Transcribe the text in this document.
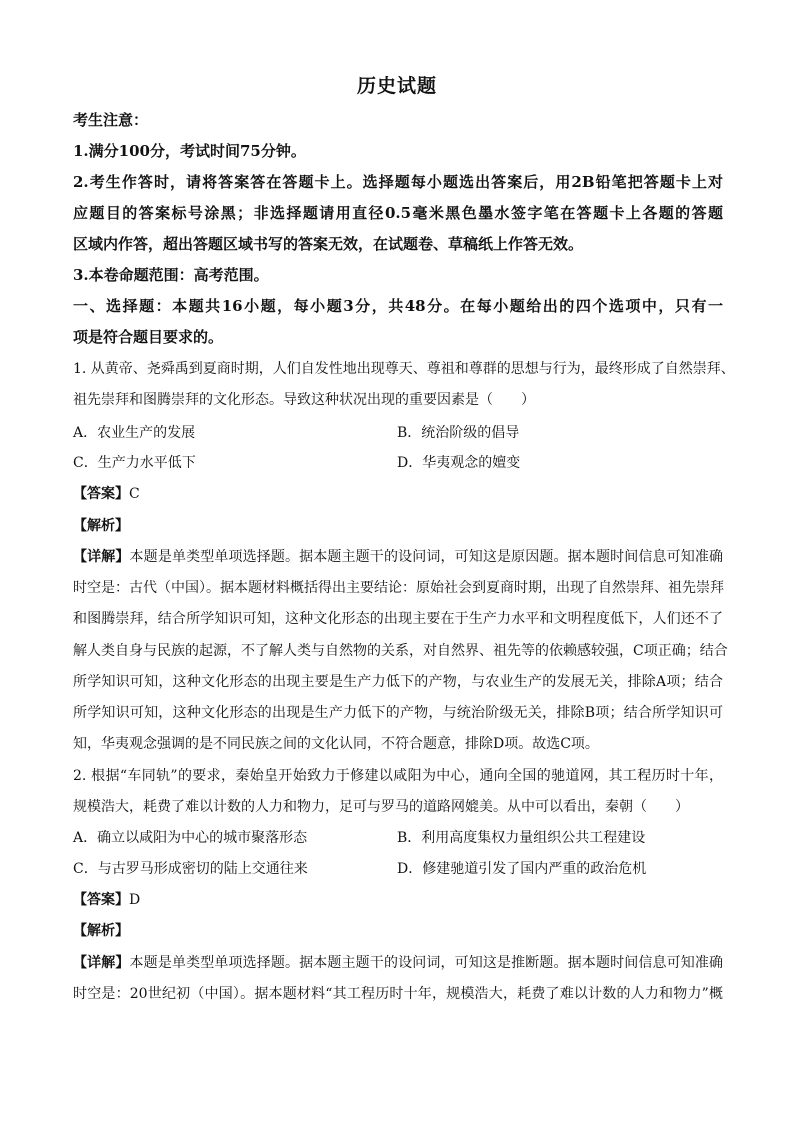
历史试题
考生注意：
1.满分100分，考试时间75分钟。
2.考生作答时，请将答案答在答题卡上。选择题每小题选出答案后，用2B铅笔把答题卡上对
应题目的答案标号涂黑；非选择题请用直径0.5毫米黑色墨水签字笔在答题卡上各题的答题
区域内作答，超出答题区域书写的答案无效，在试题卷、草稿纸上作答无效。
3.本卷命题范围：高考范围。
一、选择题：本题共16小题，每小题3分，共48分。在每小题给出的四个选项中，只有一
项是符合题目要求的。
1. 从黄帝、尧舜禹到夏商时期，人们自发性地出现尊天、尊祖和尊群的思想与行为，最终形成了自然崇拜、
祖先崇拜和图腾崇拜的文化形态。导致这种状况出现的重要因素是（　　）
A．农业生产的发展	B．统治阶级的倡导
C．生产力水平低下	D．华夷观念的嬗变
【答案】C
【解析】
【详解】本题是单类型单项选择题。据本题主题干的设问词，可知这是原因题。据本题时间信息可知准确
时空是：古代（中国）。据本题材料概括得出主要结论：原始社会到夏商时期，出现了自然崇拜、祖先崇拜
和图腾崇拜，结合所学知识可知，这种文化形态的出现主要在于生产力水平和文明程度低下，人们还不了
解人类自身与民族的起源，不了解人类与自然物的关系，对自然界、祖先等的依赖感较强，C项正确；结合
所学知识可知，这种文化形态的出现主要是生产力低下的产物，与农业生产的发展无关，排除A项；结合
所学知识可知，这种文化形态的出现是生产力低下的产物，与统治阶级无关，排除B项；结合所学知识可
知，华夷观念强调的是不同民族之间的文化认同，不符合题意，排除D项。故选C项。
2. 根据“车同轨”的要求，秦始皇开始致力于修建以咸阳为中心，通向全国的驰道网，其工程历时十年，
规模浩大，耗费了难以计数的人力和物力，足可与罗马的道路网媲美。从中可以看出，秦朝（　　）
A．确立以咸阳为中心的城市聚落形态	B．利用高度集权力量组织公共工程建设
C．与古罗马形成密切的陆上交通往来	D．修建驰道引发了国内严重的政治危机
【答案】D
【解析】
【详解】本题是单类型单项选择题。据本题主题干的设问词，可知这是推断题。据本题时间信息可知准确
时空是：20世纪初（中国）。据本题材料“其工程历时十年，规模浩大，耗费了难以计数的人力和物力”概
